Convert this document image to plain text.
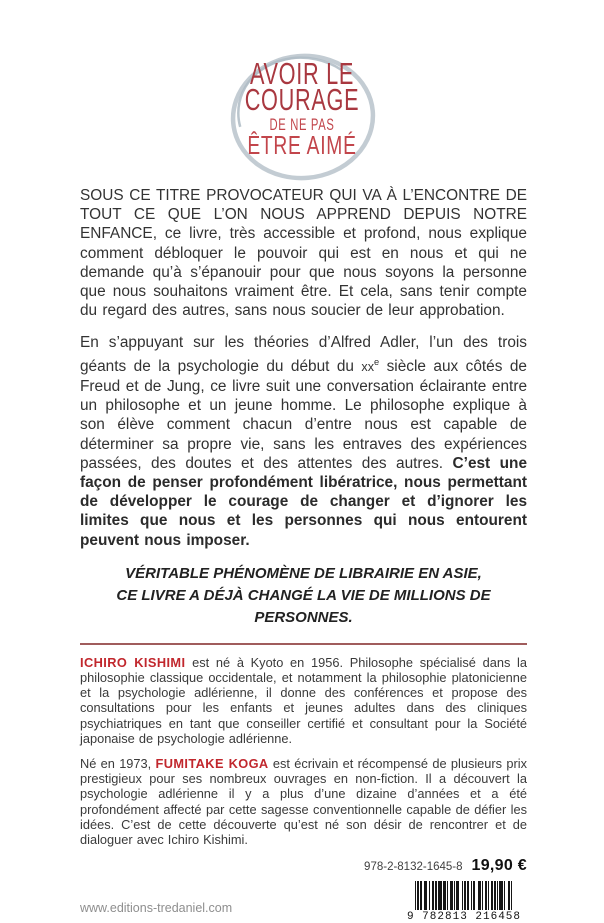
AVOIR LE
COURAGE
DE NE PAS
ÊTRE AIMÉ

SOUS CE TITRE PROVOCATEUR QUI VA À L’ENCONTRE DE TOUT CE QUE L’ON NOUS APPREND DEPUIS NOTRE ENFANCE, ce livre, très accessible et profond, nous explique comment débloquer le pouvoir qui est en nous et qui ne demande qu’à s’épanouir pour que nous soyons la personne que nous souhaitons vraiment être. Et cela, sans tenir compte du regard des autres, sans nous soucier de leur approbation.

En s’appuyant sur les théories d’Alfred Adler, l’un des trois géants de la psychologie du début du $xx^e$ siècle aux côtés de Freud et de Jung, ce livre suit une conversation éclairante entre un philosophe et un jeune homme. Le philosophe explique à son élève comment chacun d’entre nous est capable de déterminer sa propre vie, sans les entraves des expériences passées, des doutes et des attentes des autres. C’est une façon de penser profondément libératrice, nous permettant de développer le courage de changer et d’ignorer les limites que nous et les personnes qui nous entourent peuvent nous imposer.

VÉRITABLE PHÉNOMÈNE DE LIBRAIRIE EN ASIE,
CE LIVRE A DÉJÀ CHANGÉ LA VIE DE MILLIONS DE PERSONNES.

ICHIRO KISHIMI est né à Kyoto en 1956. Philosophe spécialisé dans la philosophie classique occidentale, et notamment la philosophie platonicienne et la psychologie adlérienne, il donne des conférences et propose des consultations pour les enfants et jeunes adultes dans des cliniques psychiatriques en tant que conseiller certifié et consultant pour la Société japonaise de psychologie adlérienne.

Né en 1973, FUMITAKE KOGA est écrivain et récompensé de plusieurs prix prestigieux pour ses nombreux ouvrages en non-fiction. Il a découvert la psychologie adlérienne il y a plus d’une dizaine d’années et a été profondément affecté par cette sagesse conventionnelle capable de défier les idées. C’est de cette découverte qu’est né son désir de rencontrer et de dialoguer avec Ichiro Kishimi.

978-2-8132-1645-8 19,90 €
www.editions-tredaniel.com
9 782813 216458
